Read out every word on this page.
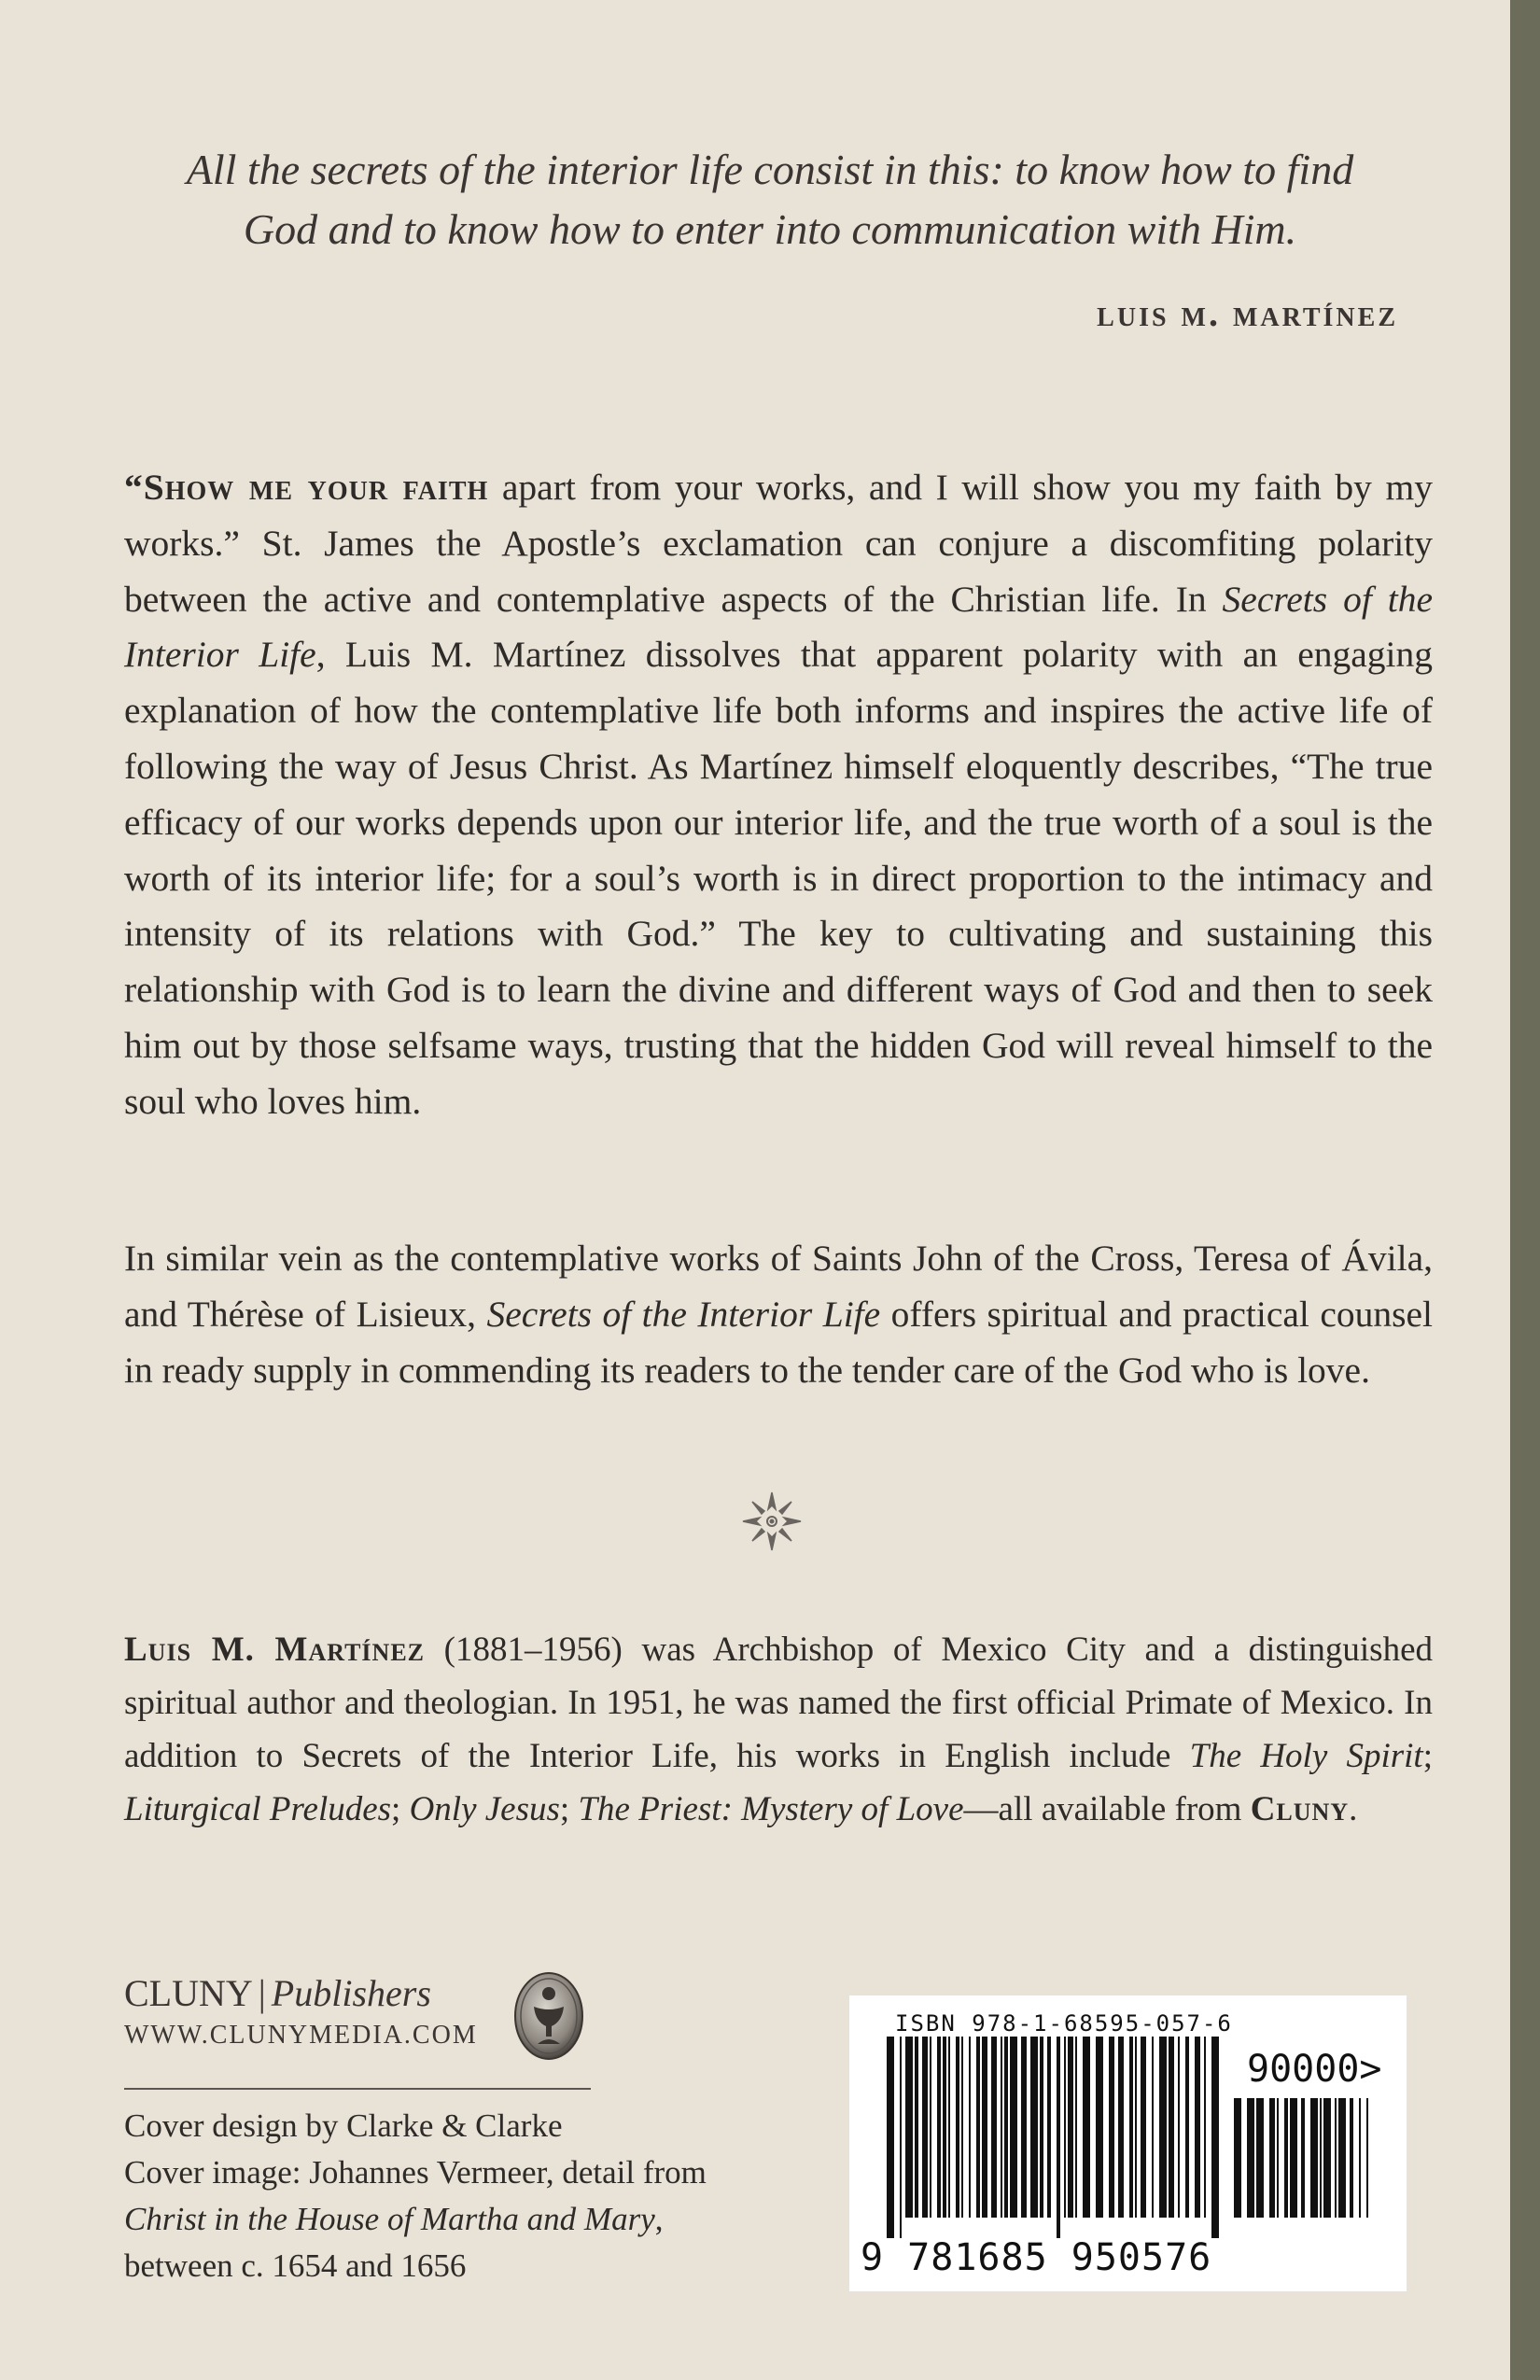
All the secrets of the interior life consist in this: to know how to find
God and to know how to enter into communication with Him.
luis m. martínez
“Show me your faith apart from your works, and I will show you my faith by my works.” St. James the Apostle’s exclamation can conjure a discomfiting polarity between the active and contemplative aspects of the Christian life. In Secrets of the Interior Life, Luis M. Martínez dissolves that apparent polarity with an engaging explanation of how the contemplative life both informs and inspires the active life of following the way of Jesus Christ. As Martínez himself eloquently describes, “The true efficacy of our works depends upon our interior life, and the true worth of a soul is the worth of its interior life; for a soul’s worth is in direct proportion to the intimacy and intensity of its relations with God.” The key to cultivating and sustaining this relationship with God is to learn the divine and different ways of God and then to seek him out by those selfsame ways, trusting that the hidden God will reveal himself to the soul who loves him.
In similar vein as the contemplative works of Saints John of the Cross, Teresa of Ávila, and Thérèse of Lisieux, Secrets of the Interior Life offers spiritual and practical counsel in ready supply in commending its readers to the tender care of the God who is love.
Luis M. Martínez (1881–1956) was Archbishop of Mexico City and a distinguished spiritual author and theologian. In 1951, he was named the first official Primate of Mexico. In addition to Secrets of the Interior Life, his works in English include The Holy Spirit; Liturgical Preludes; Only Jesus; The Priest: Mystery of Love—all available from Cluny.
CLUNY | Publishers
WWW.CLUNYMEDIA.COM
Cover design by Clarke & Clarke
Cover image: Johannes Vermeer, detail from
Christ in the House of Martha and Mary,
between c. 1654 and 1656
ISBN 978-1-68595-057-6
90000>
9 781685 950576
